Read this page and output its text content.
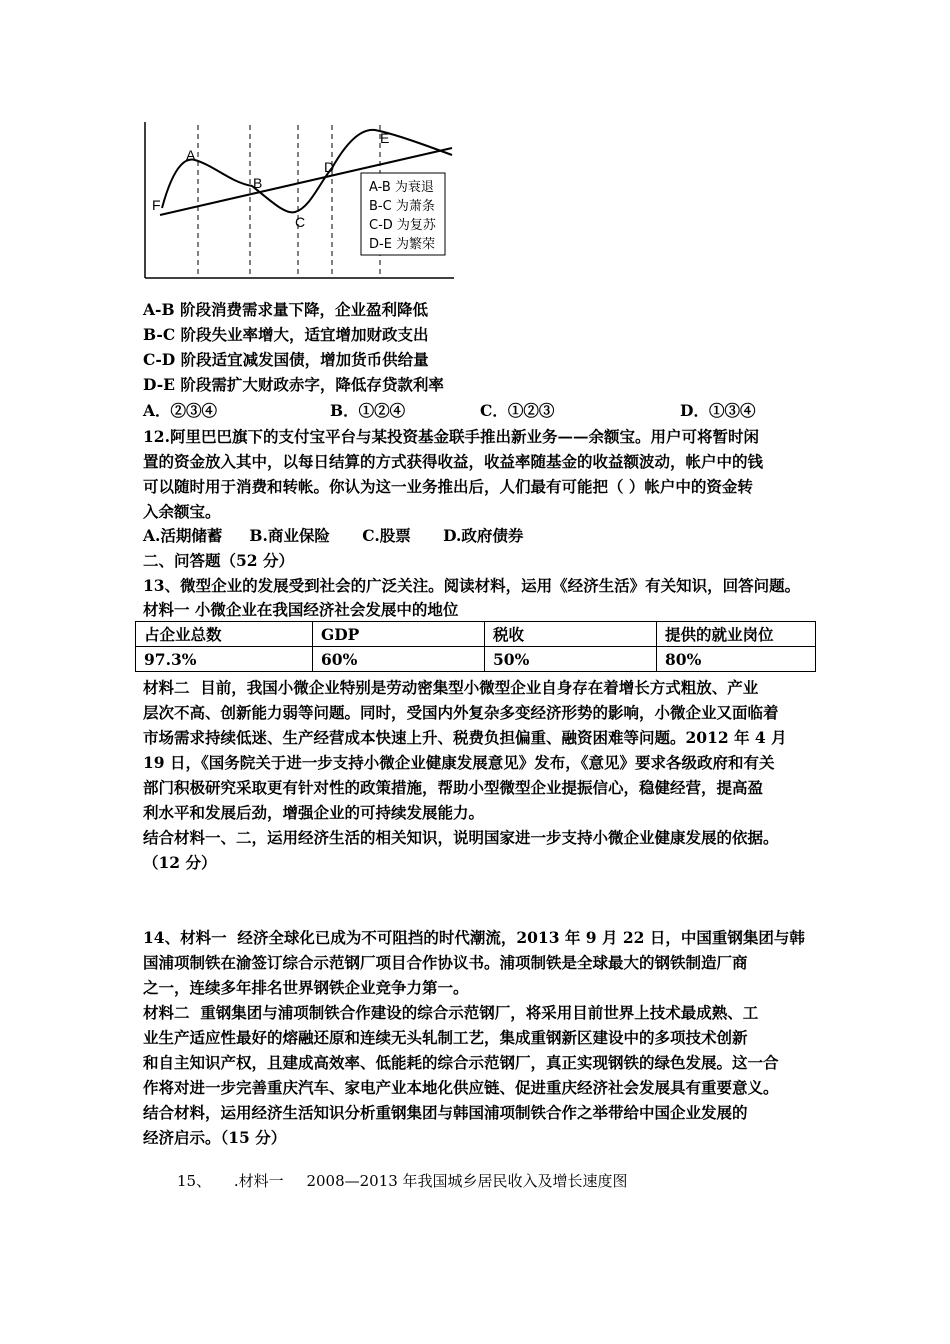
F
A
B
C
D
E
A-B 为衰退
B-C 为萧条
C-D 为复苏
D-E 为繁荣
A-B 阶段消费需求量下降，企业盈利降低
B-C 阶段失业率增大，适宜增加财政支出
C-D 阶段适宜减发国债，增加货币供给量
D-E 阶段需扩大财政赤字，降低存贷款利率
A．②③④	B．①②④	C．①②③	D．①③④
12.阿里巴巴旗下的支付宝平台与某投资基金联手推出新业务——余额宝。用户可将暂时闲
置的资金放入其中，以每日结算的方式获得收益，收益率随基金的收益额波动，帐户中的钱
可以随时用于消费和转帐。你认为这一业务推出后，人们最有可能把（ ）帐户中的资金转
入余额宝。
A.活期储蓄     B.商业保险      C.股票      D.政府债券
二、问答题（52 分）
13、微型企业的发展受到社会的广泛关注。阅读材料，运用《经济生活》有关知识，回答问题。
材料一 小微企业在我国经济社会发展中的地位
占企业总数	GDP	税收	提供的就业岗位
97.3%	60%	50%	80%
材料二  目前，我国小微企业特别是劳动密集型小微型企业自身存在着增长方式粗放、产业
层次不高、创新能力弱等问题。同时，受国内外复杂多变经济形势的影响，小微企业又面临着
市场需求持续低迷、生产经营成本快速上升、税费负担偏重、融资困难等问题。2012 年 4 月
19 日，《国务院关于进一步支持小微企业健康发展意见》发布，《意见》要求各级政府和有关
部门积极研究采取更有针对性的政策措施，帮助小型微型企业提振信心，稳健经营，提高盈
利水平和发展后劲，增强企业的可持续发展能力。
结合材料一、二，运用经济生活的相关知识，说明国家进一步支持小微企业健康发展的依据。
（12 分）
14、材料一  经济全球化已成为不可阻挡的时代潮流，2013 年 9 月 22 日，中国重钢集团与韩
国浦项制铁在渝签订综合示范钢厂项目合作协议书。浦项制铁是全球最大的钢铁制造厂商
之一，连续多年排名世界钢铁企业竞争力第一。
材料二  重钢集团与浦项制铁合作建设的综合示范钢厂，将采用目前世界上技术最成熟、工
业生产适应性最好的熔融还原和连续无头轧制工艺，集成重钢新区建设中的多项技术创新
和自主知识产权，且建成高效率、低能耗的综合示范钢厂，真正实现钢铁的绿色发展。这一合
作将对进一步完善重庆汽车、家电产业本地化供应链、促进重庆经济社会发展具有重要意义。
结合材料，运用经济生活知识分析重钢集团与韩国浦项制铁合作之举带给中国企业发展的
经济启示。（15 分）
15、 .材料一 2008—2013 年我国城乡居民收入及增长速度图
